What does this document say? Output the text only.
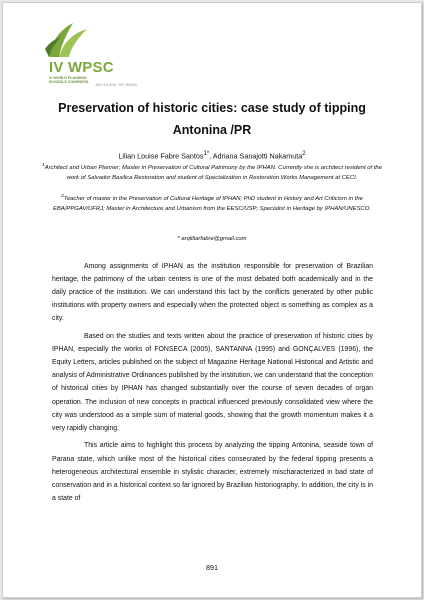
IV WPSC
IV WORLD PLANNING SCHOOLS CONGRESS
JULY 4-8 2016 · RIO, BRAZIL
Preservation of historic cities: case study of tipping
Antonina /PR
Lilian Louise Fabre Santos$^{1*}$, Adriana Sanajotti Nakamuta$^2$
$^1$Architect and Urban Planner; Master in Preservation of Cultural Patrimony by the IPHAN. Currently she is architect resident of the work of Salvador Basilica Restoration and student of Specialization in Restoration Works Management at CECI.
$^2$Teacher of master in the Preservation of Cultural Heritage of IPHAN; PhD student in History and Art Criticism in the EBA/PPGAV/UFRJ; Master in Architecture and Urbanism from the EESC/USP; Specialist in Heritage by IPHAN/UNESCO.
* arqliliarfabre@gmail.com

Among assignments of IPHAN as the institution responsible for preservation of Brazilian heritage, the patrimony of the urban centers is one of the most debated both academically and in the daily practice of the institution. We can understand this fact by the conflicts generated by other public institutions with property owners and especially when the protected object is something as complex as a city.

Based on the studies and texts written about the practice of preservation of historic cities by IPHAN, especially the works of FONSECA (2005), SANTANNA (1995) and GONÇALVES (1996), the Equity Letters, articles published on the subject of Magazine Heritage National Historical and Artistic and analysis of Administrative Ordinances published by the institution, we can understand that the conception of historical cities by IPHAN has changed substantially over the course of seven decades of organ operation. The inclusion of new concepts in practical influenced previously consolidated view where the city was understood as a simple sum of material goods, showing that the growth momentum makes it a very rapidly changing.

This article aims to highlight this process by analyzing the tipping Antonina, seaside town of Parana state, which unlike most of the historical cities consecrated by the federal tipping presents a heterogeneous architectural ensemble in stylistic character, extremely mischaracterized in bad state of conservation and in a historical context so far ignored by Brazilian historiography. In addition, the city is in a state of

891
